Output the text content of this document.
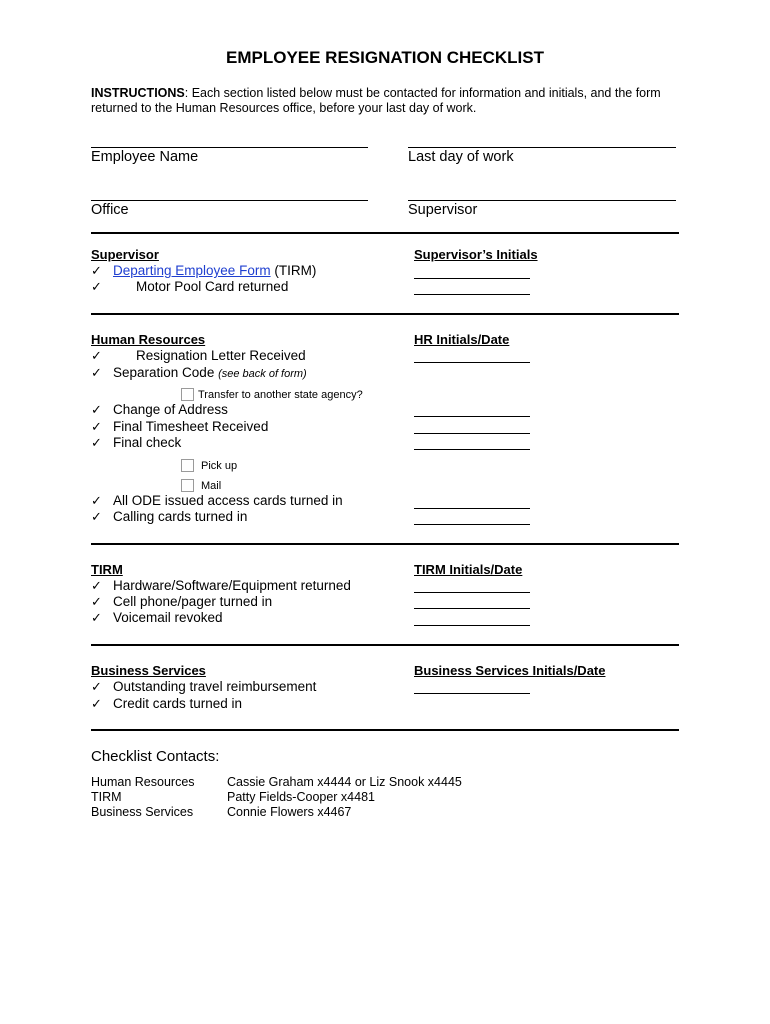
EMPLOYEE RESIGNATION CHECKLIST
INSTRUCTIONS: Each section listed below must be contacted for information and initials, and the form returned to the Human Resources office, before your last day of work.
Employee Name	Last day of work
Office	Supervisor
Supervisor	Supervisor’s Initials
✓ Departing Employee Form (TIRM)
✓	Motor Pool Card returned
Human Resources	HR Initials/Date
✓	Resignation Letter Received
✓ Separation Code (see back of form)
Transfer to another state agency?
✓ Change of Address
✓ Final Timesheet Received
✓ Final check
Pick up
Mail
✓ All ODE issued access cards turned in
✓ Calling cards turned in
TIRM	TIRM Initials/Date
✓ Hardware/Software/Equipment returned
✓ Cell phone/pager turned in
✓ Voicemail revoked
Business Services	Business Services Initials/Date
✓ Outstanding travel reimbursement
✓ Credit cards turned in
Checklist Contacts:
Human Resources	Cassie Graham x4444 or Liz Snook x4445
TIRM	Patty Fields-Cooper x4481
Business Services	Connie Flowers x4467
